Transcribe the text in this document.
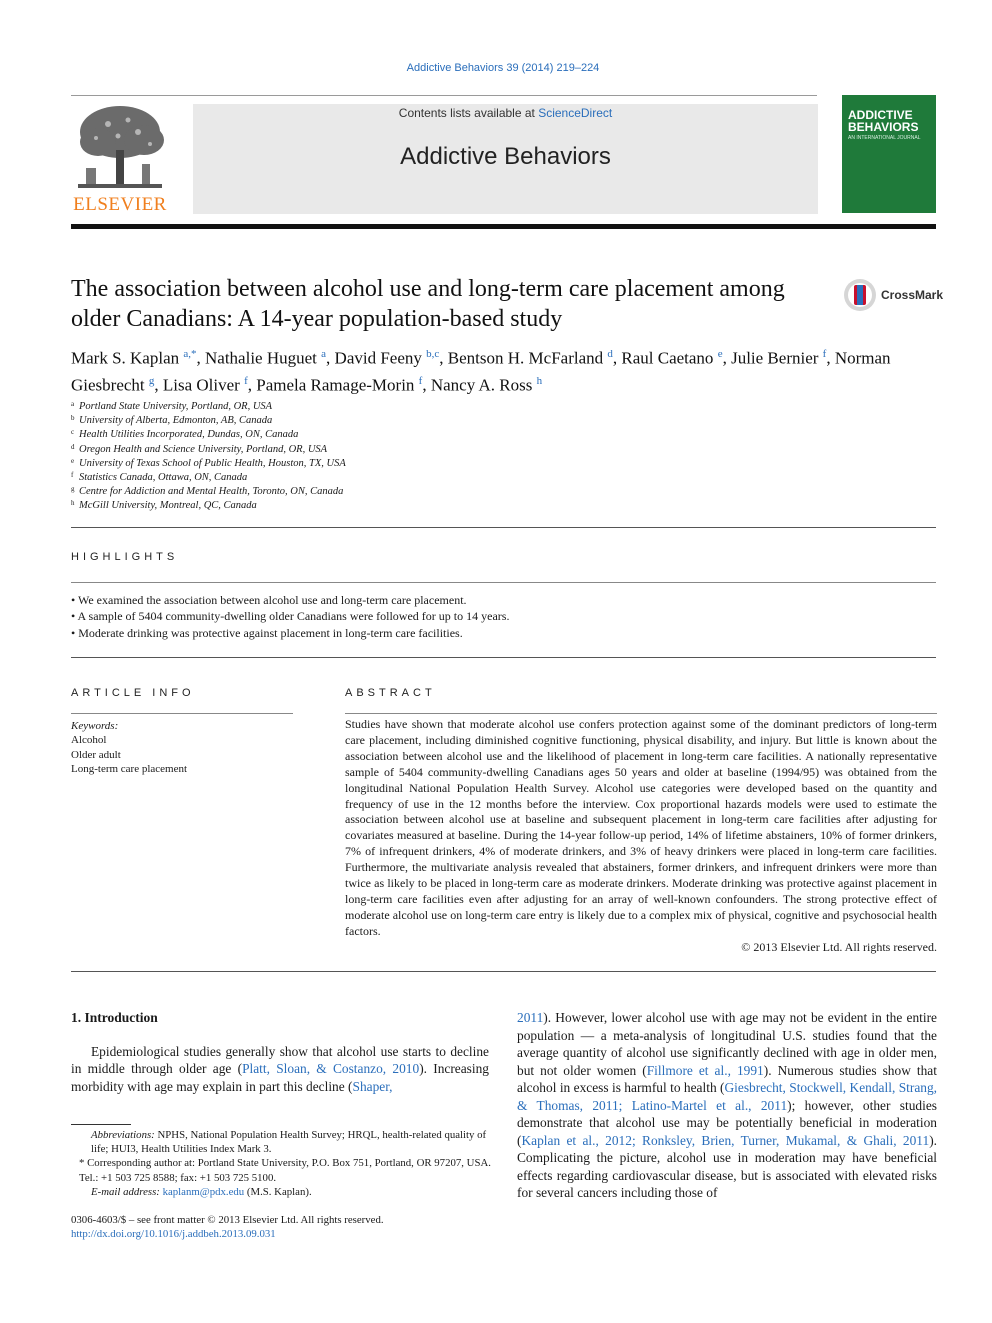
Addictive Behaviors 39 (2014) 219–224
ELSEVIER
Contents lists available at ScienceDirect
Addictive Behaviors
ADDICTIVE BEHAVIORS
AN INTERNATIONAL JOURNAL
The association between alcohol use and long-term care placement among older Canadians: A 14-year population-based study
CrossMark
Mark S. Kaplan $^{a,*}$, Nathalie Huguet $^a$, David Feeny $^{b,c}$, Bentson H. McFarland $^d$, Raul Caetano $^e$, Julie Bernier $^f$, Norman Giesbrecht $^g$, Lisa Oliver $^f$, Pamela Ramage-Morin $^f$, Nancy A. Ross $^h$
a Portland State University, Portland, OR, USA
b University of Alberta, Edmonton, AB, Canada
c Health Utilities Incorporated, Dundas, ON, Canada
d Oregon Health and Science University, Portland, OR, USA
e University of Texas School of Public Health, Houston, TX, USA
f Statistics Canada, Ottawa, ON, Canada
g Centre for Addiction and Mental Health, Toronto, ON, Canada
h McGill University, Montreal, QC, Canada
HIGHLIGHTS
• We examined the association between alcohol use and long-term care placement.
• A sample of 5404 community-dwelling older Canadians were followed for up to 14 years.
• Moderate drinking was protective against placement in long-term care facilities.
ARTICLE INFO
Keywords:
Alcohol
Older adult
Long-term care placement
ABSTRACT
Studies have shown that moderate alcohol use confers protection against some of the dominant predictors of long-term care placement, including diminished cognitive functioning, physical disability, and injury. But little is known about the association between alcohol use and the likelihood of placement in long-term care facilities. A nationally representative sample of 5404 community-dwelling Canadians ages 50 years and older at baseline (1994/95) was obtained from the longitudinal National Population Health Survey. Alcohol use categories were developed based on the quantity and frequency of use in the 12 months before the interview. Cox proportional hazards models were used to estimate the association between alcohol use at baseline and subsequent placement in long-term care facilities after adjusting for covariates measured at baseline. During the 14-year follow-up period, 14% of lifetime abstainers, 10% of former drinkers, 7% of infrequent drinkers, 4% of moderate drinkers, and 3% of heavy drinkers were placed in long-term care facilities. Furthermore, the multivariate analysis revealed that abstainers, former drinkers, and infrequent drinkers were more than twice as likely to be placed in long-term care as moderate drinkers. Moderate drinking was protective against placement in long-term care facilities even after adjusting for an array of well-known confounders. The strong protective effect of moderate alcohol use on long-term care entry is likely due to a complex mix of physical, cognitive and psychosocial health factors.
© 2013 Elsevier Ltd. All rights reserved.
1. Introduction

Epidemiological studies generally show that alcohol use starts to decline in middle through older age (Platt, Sloan, & Costanzo, 2010). Increasing morbidity with age may explain in part this decline (Shaper,

Abbreviations: NPHS, National Population Health Survey; HRQL, health-related quality of life; HUI3, Health Utilities Index Mark 3.
* Corresponding author at: Portland State University, P.O. Box 751, Portland, OR 97207, USA. Tel.: +1 503 725 8588; fax: +1 503 725 5100.
E-mail address: kaplanm@pdx.edu (M.S. Kaplan).
0306-4603/$ – see front matter © 2013 Elsevier Ltd. All rights reserved.
http://dx.doi.org/10.1016/j.addbeh.2013.09.031

2011). However, lower alcohol use with age may not be evident in the entire population — a meta-analysis of longitudinal U.S. studies found that the average quantity of alcohol use significantly declined with age in older men, but not older women (Fillmore et al., 1991). Numerous studies show that alcohol in excess is harmful to health (Giesbrecht, Stockwell, Kendall, Strang, & Thomas, 2011; Latino-Martel et al., 2011); however, other studies demonstrate that alcohol use may be potentially beneficial in moderation (Kaplan et al., 2012; Ronksley, Brien, Turner, Mukamal, & Ghali, 2011). Complicating the picture, alcohol use in moderation may have beneficial effects regarding cardiovascular disease, but is associated with elevated risks for several cancers including those of
